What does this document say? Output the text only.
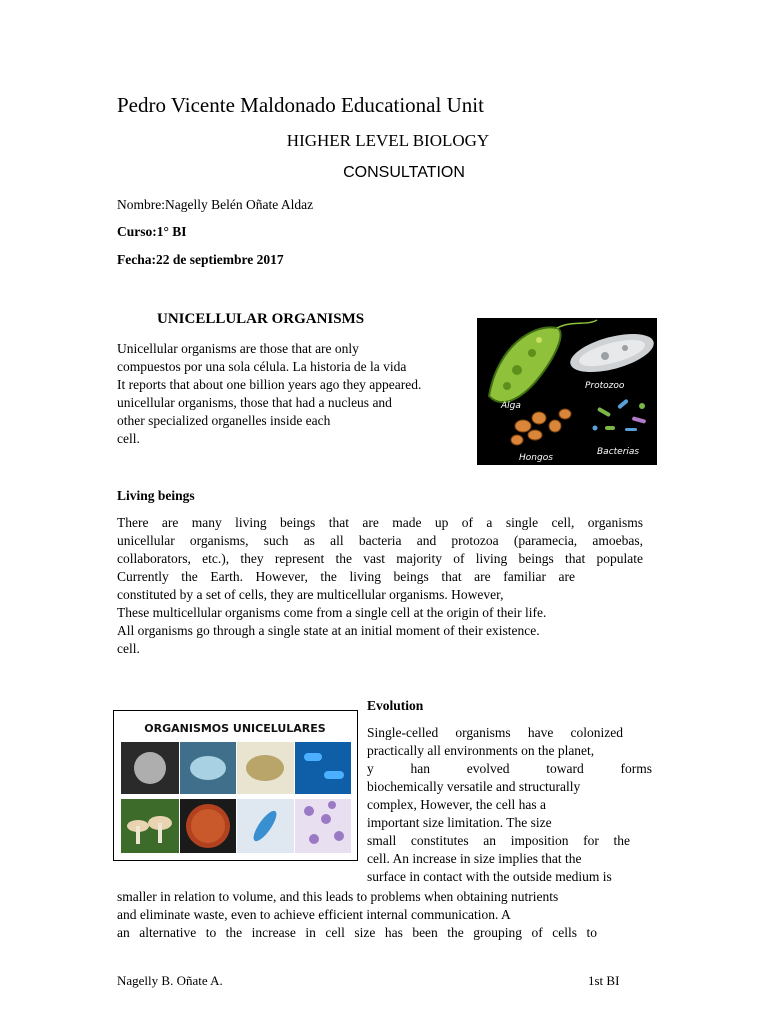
Pedro Vicente Maldonado Educational Unit
HIGHER LEVEL BIOLOGY
CONSULTATION
Nombre:Nagelly Belén Oñate Aldaz
Curso:1° BI
Fecha:22 de septiembre 2017
UNICELLULAR ORGANISMS
Unicellular organisms are those that are only
compuestos por una sola célula. La historia de la vida
It reports that about one billion years ago they appeared.
unicellular organisms, those that had a nucleus and
other specialized organelles inside each
cell.
Alga
Protozoo
Hongos
Bacterias
Living beings
There are many living beings that are made up of a single cell, organisms
unicellular organisms, such as all bacteria and protozoa (paramecia, amoebas,
collaborators, etc.), they represent the vast majority of living beings that populate
Currently the Earth. However, the living beings that are familiar are
constituted by a set of cells, they are multicellular organisms. However,
These multicellular organisms come from a single cell at the origin of their life.
All organisms go through a single state at an initial moment of their existence.
cell.
Evolution
ORGANISMOS UNICELULARES	Single-celled organisms have colonized
practically all environments on the planet,
y han evolved toward forms
biochemically versatile and structurally
complex, However, the cell has a
important size limitation. The size
small constitutes an imposition for the
cell. An increase in size implies that the
surface in contact with the outside medium is
smaller in relation to volume, and this leads to problems when obtaining nutrients
and eliminate waste, even to achieve efficient internal communication. A
an alternative to the increase in cell size has been the grouping of cells to
Nagelly B. Oñate A.	1st BI
